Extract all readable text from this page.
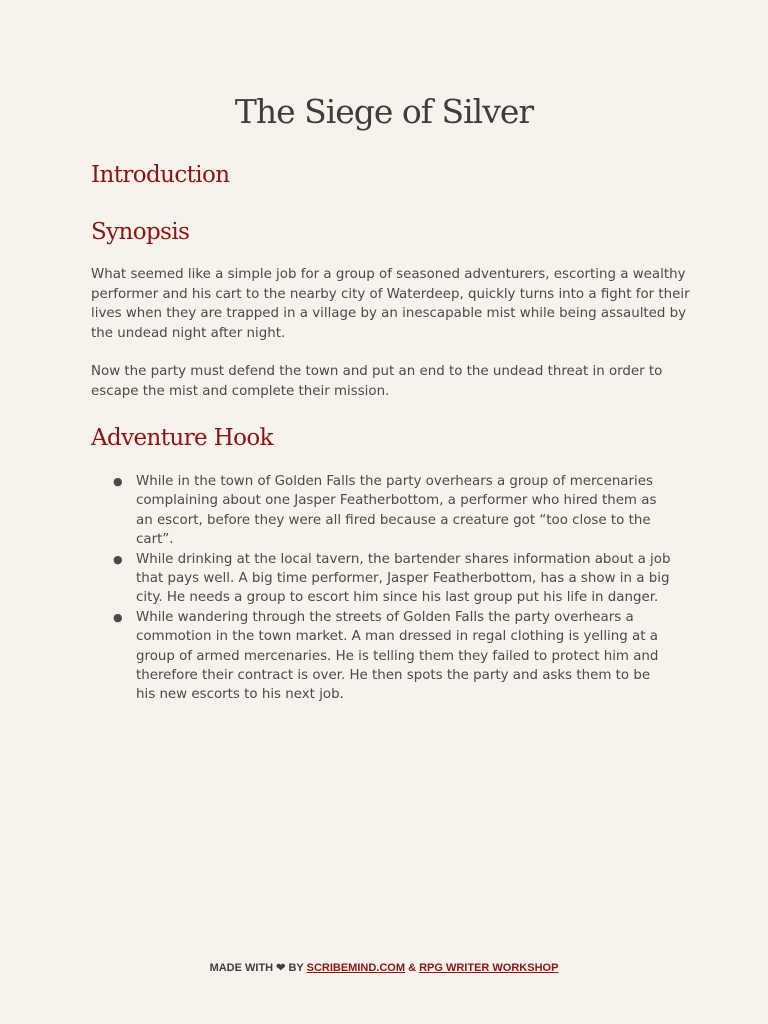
The Siege of Silver
Introduction
Synopsis

What seemed like a simple job for a group of seasoned adventurers, escorting a wealthy performer and his cart to the nearby city of Waterdeep, quickly turns into a fight for their lives when they are trapped in a village by an inescapable mist while being assaulted by the undead night after night.

Now the party must defend the town and put an end to the undead threat in order to escape the mist and complete their mission.

Adventure Hook
● While in the town of Golden Falls the party overhears a group of mercenaries complaining about one Jasper Featherbottom, a performer who hired them as an escort, before they were all fired because a creature got “too close to the cart”.
● While drinking at the local tavern, the bartender shares information about a job that pays well. A big time performer, Jasper Featherbottom, has a show in a big city. He needs a group to escort him since his last group put his life in danger.
● While wandering through the streets of Golden Falls the party overhears a commotion in the town market. A man dressed in regal clothing is yelling at a group of armed mercenaries. He is telling them they failed to protect him and therefore their contract is over. He then spots the party and asks them to be his new escorts to his next job.
MADE WITH ❤ BY SCRIBEMIND.COM & RPG WRITER WORKSHOP
